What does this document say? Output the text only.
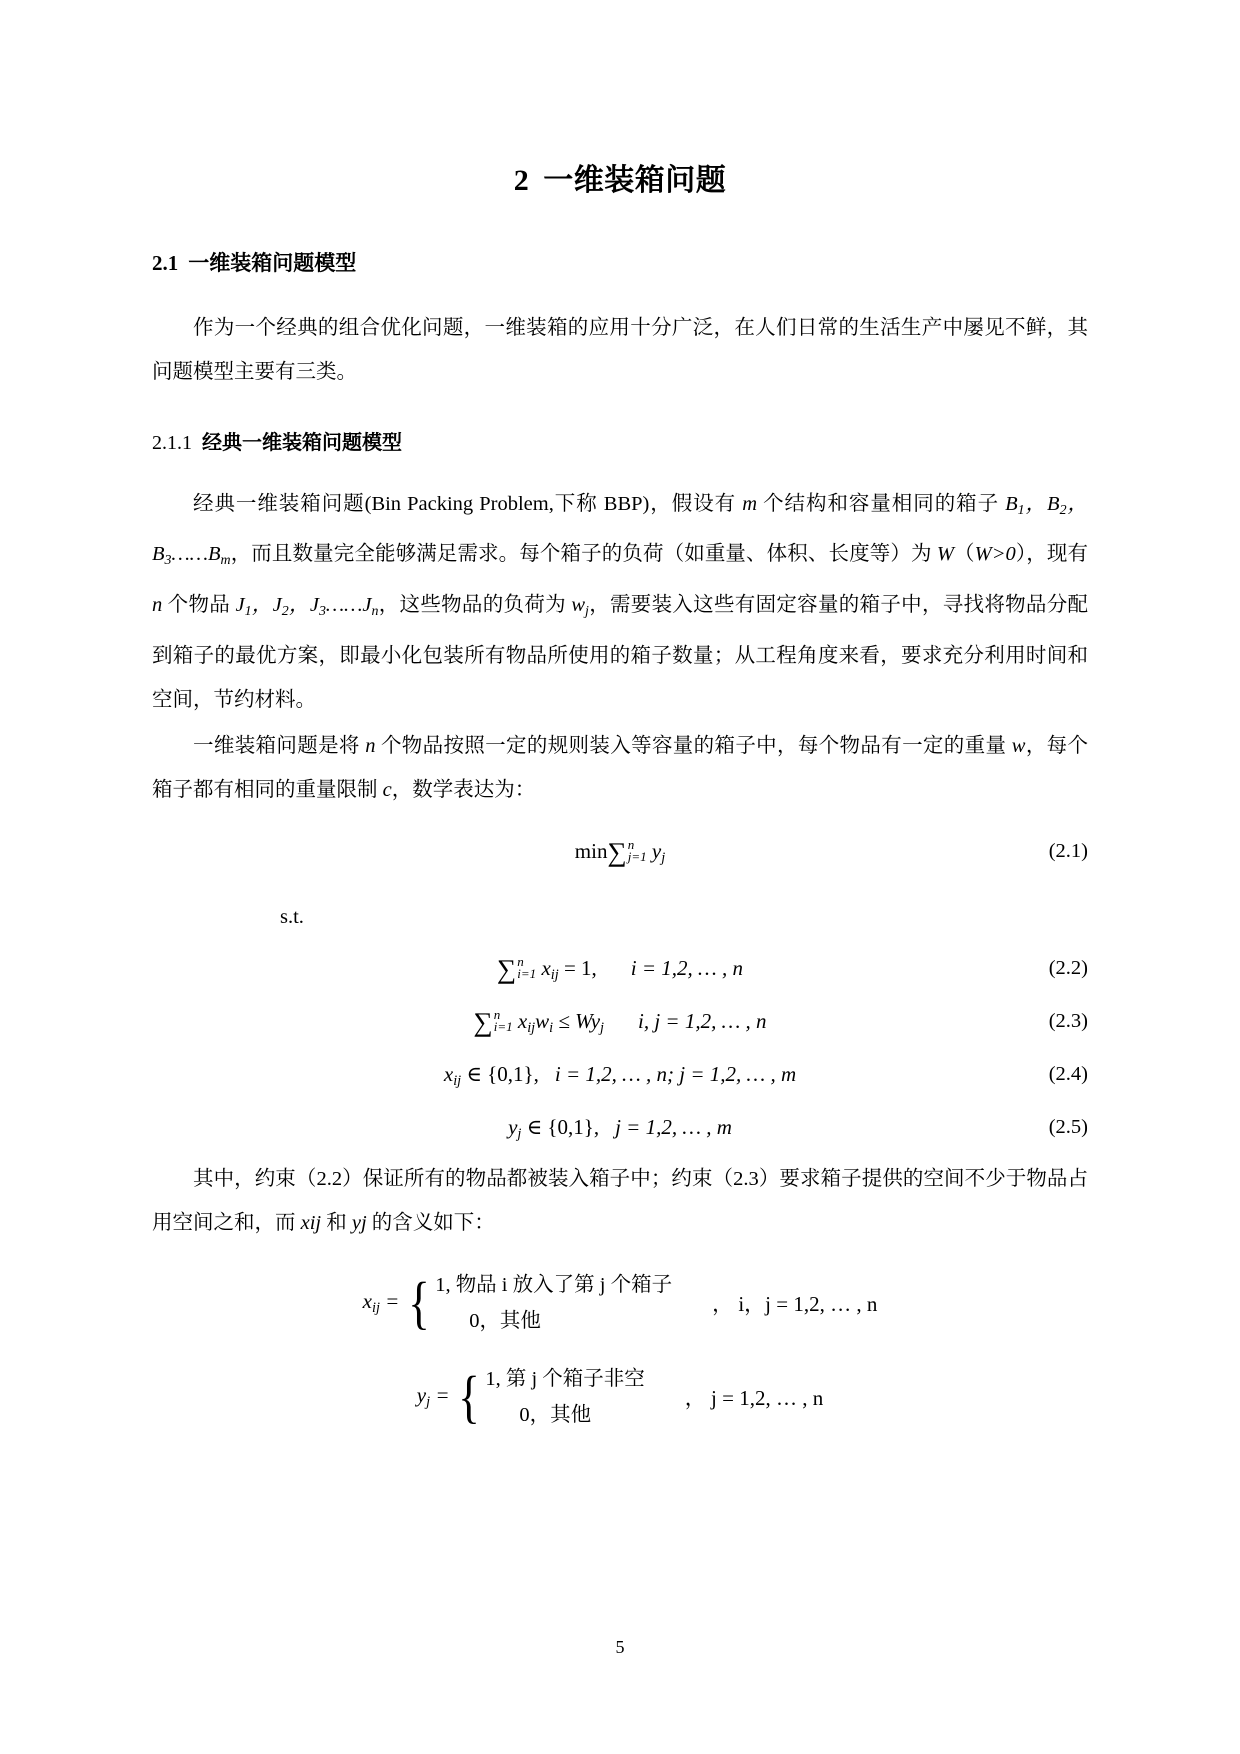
2 一维装箱问题
2.1 一维装箱问题模型

作为一个经典的组合优化问题，一维装箱的应用十分广泛，在人们日常的生活生产中屡见不鲜，其问题模型主要有三类。

2.1.1 经典一维装箱问题模型

经典一维装箱问题(Bin Packing Problem,下称 BBP)，假设有 m 个结构和容量相同的箱子 $B_1$，$B_2$，$B_3\dots\dots B_m$，而且数量完全能够满足需求。每个箱子的负荷（如重量、体积、长度等）为 W（W>0），现有 n 个物品 $J_1$，$J_2$，$J_3\dots\dots J_n$，这些物品的负荷为 $w_j$，需要装入这些有固定容量的箱子中，寻找将物品分配到箱子的最优方案，即最小化包装所有物品所使用的箱子数量；从工程角度来看，要求充分利用时间和空间，节约材料。

一维装箱问题是将 n 个物品按照一定的规则装入等容量的箱子中，每个物品有一定的重量 w，每个箱子都有相同的重量限制 c，数学表达为：

min∑ n
j=1 $y_j$	(2.1)

s.t.

∑ n
i=1 $x_{ij} = 1$, i = 1,2, … , n	(2.2)
∑ n
i=1 $x_{ij}w_i \le Wy_j$ i, j = 1,2, … , n	(2.3)
$x_{ij}$ ∈ {0,1}, i = 1,2, … , n; j = 1,2, … , m	(2.4)
$y_j$ ∈ {0,1}, j = 1,2, … , m	(2.5)

其中，约束（2.2）保证所有的物品都被装入箱子中；约束（2.3）要求箱子提供的空间不少于物品占用空间之和，而 xij 和 yj 的含义如下：

$x_{ij}$ = { 1, 物品 i 放入了第 j 个箱子
0，其他
， i，j = 1,2, … , n
$y_j$ = { 1, 第 j 个箱子非空
0，其他
， j = 1,2, … , n
5
